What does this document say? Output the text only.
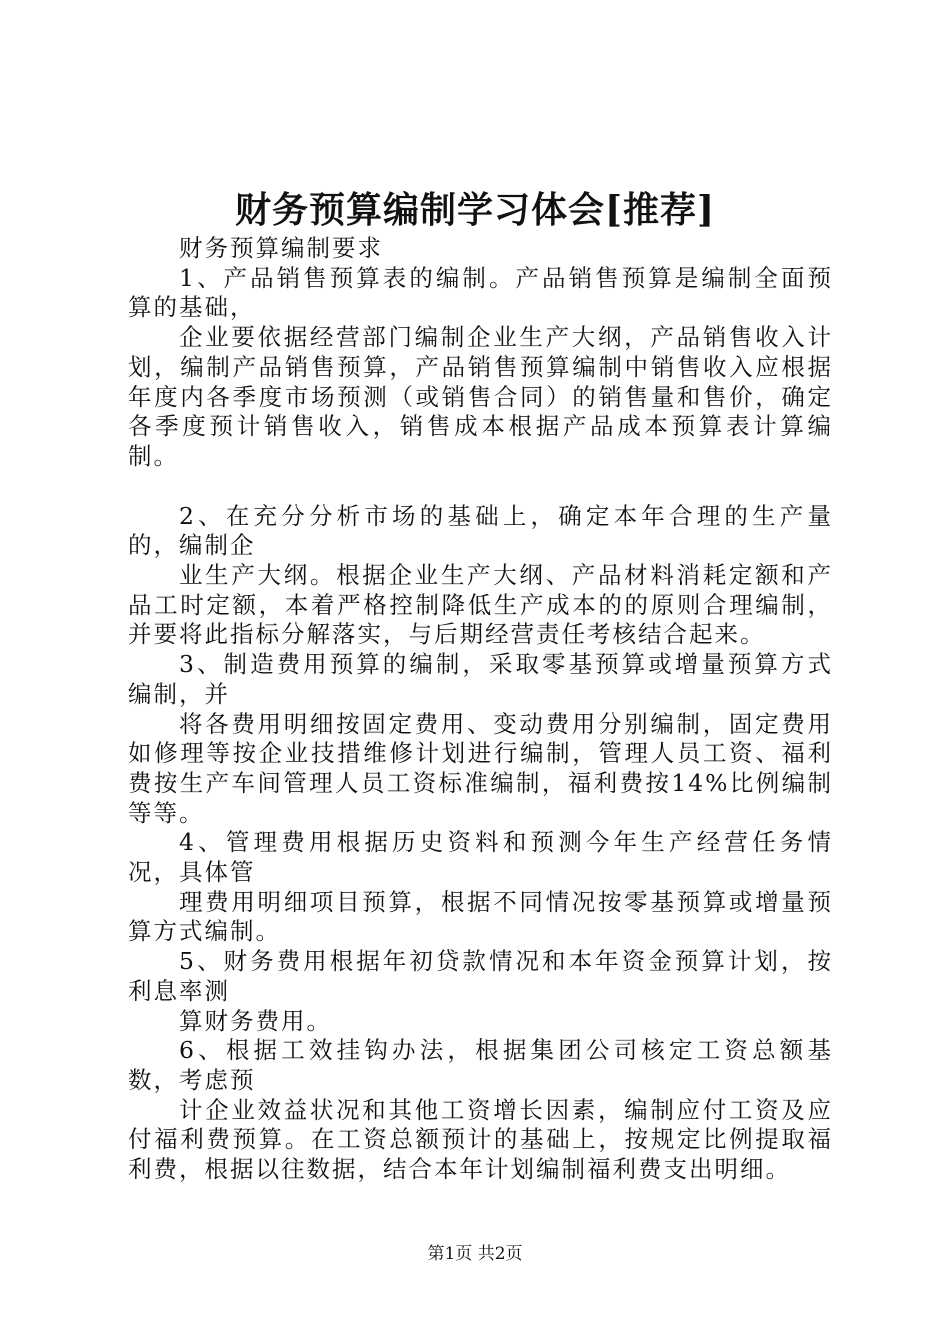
财务预算编制学习体会[推荐]

财务预算编制要求

1、产品销售预算表的编制。产品销售预算是编制全面预算的基础，

企业要依据经营部门编制企业生产大纲，产品销售收入计划，编制产品销售预算，产品销售预算编制中销售收入应根据年度内各季度市场预测（或销售合同）的销售量和售价，确定各季度预计销售收入，销售成本根据产品成本预算表计算编制。

2、在充分分析市场的基础上，确定本年合理的生产量的，编制企

业生产大纲。根据企业生产大纲、产品材料消耗定额和产品工时定额，本着严格控制降低生产成本的的原则合理编制，并要将此指标分解落实，与后期经营责任考核结合起来。

3、制造费用预算的编制，采取零基预算或增量预算方式编制，并

将各费用明细按固定费用、变动费用分别编制，固定费用如修理等按企业技措维修计划进行编制，管理人员工资、福利费按生产车间管理人员工资标准编制，福利费按14%比例编制等等。

4、管理费用根据历史资料和预测今年生产经营任务情况，具体管

理费用明细项目预算，根据不同情况按零基预算或增量预算方式编制。

5、财务费用根据年初贷款情况和本年资金预算计划，按利息率测

算财务费用。

6、根据工效挂钩办法，根据集团公司核定工资总额基数，考虑预

计企业效益状况和其他工资增长因素，编制应付工资及应付福利费预算。在工资总额预计的基础上，按规定比例提取福利费，根据以往数据，结合本年计划编制福利费支出明细。

第1页 共2页
